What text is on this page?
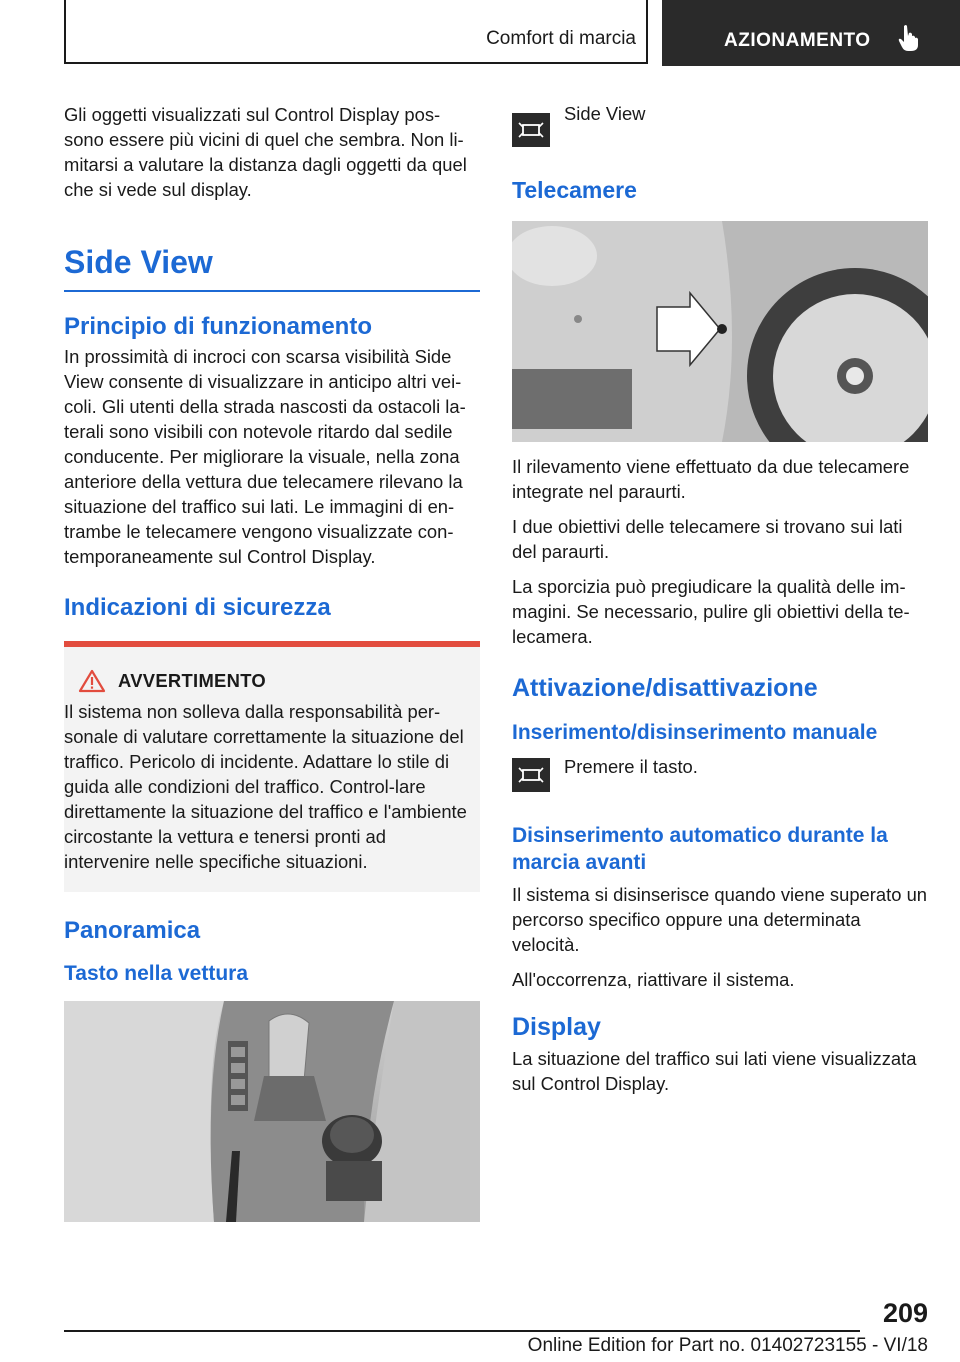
Comfort di marcia	AZIONAMENTO

Gli oggetti visualizzati sul Control Display pos-sono essere più vicini di quel che sembra. Non li-mitarsi a valutare la distanza dagli oggetti da quel che si vede sul display.

Side View
Principio di funzionamento

In prossimità di incroci con scarsa visibilità Side View consente di visualizzare in anticipo altri vei-coli. Gli utenti della strada nascosti da ostacoli la-terali sono visibili con notevole ritardo dal sedile conducente. Per migliorare la visuale, nella zona anteriore della vettura due telecamere rilevano la situazione del traffico sui lati. Le immagini di en-trambe le telecamere vengono visualizzate con-temporaneamente sul Control Display.

Indicazioni di sicurezza
AVVERTIMENTO

Il sistema non solleva dalla responsabilità per-sonale di valutare correttamente la situazione del traffico. Pericolo di incidente. Adattare lo stile di guida alle condizioni del traffico. Control-lare direttamente la situazione del traffico e l'ambiente circostante la vettura e tenersi pronti ad intervenire nelle specifiche situazioni.

Panoramica
Tasto nella vettura

Side View

Telecamere

Il rilevamento viene effettuato da due telecamere integrate nel paraurti.

I due obiettivi delle telecamere si trovano sui lati del paraurti.

La sporcizia può pregiudicare la qualità delle im-magini. Se necessario, pulire gli obiettivi della te-lecamera.

Attivazione/disattivazione
Inserimento/disinserimento manuale

Premere il tasto.

Disinserimento automatico durante la marcia avanti

Il sistema si disinserisce quando viene superato un percorso specifico oppure una determinata velocità.

All'occorrenza, riattivare il sistema.

Display

La situazione del traffico sui lati viene visualizzata sul Control Display.

209
Online Edition for Part no. 01402723155 - VI/18
